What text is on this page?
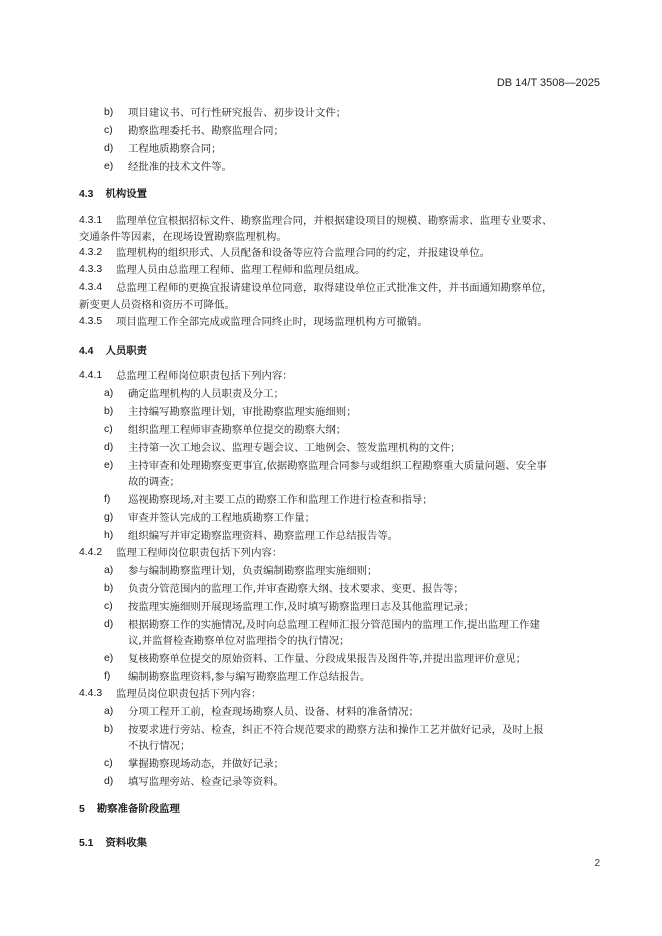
DB 14/T 3508—2025
b) 项目建议书、可行性研究报告、初步设计文件；
c) 勘察监理委托书、勘察监理合同；
d) 工程地质勘察合同；
e) 经批准的技术文件等。
4.3 机构设置
4.3.1 监理单位宜根据招标文件、勘察监理合同，并根据建设项目的规模、勘察需求、监理专业要求、
交通条件等因素，在现场设置勘察监理机构。
4.3.2 监理机构的组织形式、人员配备和设备等应符合监理合同的约定，并报建设单位。
4.3.3 监理人员由总监理工程师、监理工程师和监理员组成。
4.3.4 总监理工程师的更换宜报请建设单位同意，取得建设单位正式批准文件，并书面通知勘察单位，
新变更人员资格和资历不可降低。
4.3.5 项目监理工作全部完成或监理合同终止时，现场监理机构方可撤销。
4.4 人员职责
4.4.1 总监理工程师岗位职责包括下列内容：
a) 确定监理机构的人员职责及分工；
b) 主持编写勘察监理计划，审批勘察监理实施细则；
c) 组织监理工程师审查勘察单位提交的勘察大纲；
d) 主持第一次工地会议、监理专题会议、工地例会、签发监理机构的文件；
e) 主持审查和处理勘察变更事宜,依据勘察监理合同参与或组织工程勘察重大质量问题、安全事
故的调查；
f) 巡视勘察现场,对主要工点的勘察工作和监理工作进行检查和指导；
g) 审查并签认完成的工程地质勘察工作量；
h) 组织编写并审定勘察监理资料、勘察监理工作总结报告等。
4.4.2 监理工程师岗位职责包括下列内容：
a) 参与编制勘察监理计划，负责编制勘察监理实施细则；
b) 负责分管范围内的监理工作,并审查勘察大纲、技术要求、变更、报告等；
c) 按监理实施细则开展现场监理工作,及时填写勘察监理日志及其他监理记录；
d) 根据勘察工作的实施情况,及时向总监理工程师汇报分管范围内的监理工作,提出监理工作建
议,并监督检查勘察单位对监理指令的执行情况；
e) 复核勘察单位提交的原始资料、工作量、分段成果报告及图件等,并提出监理评价意见；
f) 编制勘察监理资料,参与编写勘察监理工作总结报告。
4.4.3 监理员岗位职责包括下列内容：
a) 分项工程开工前，检查现场勘察人员、设备、材料的准备情况；
b) 按要求进行旁站、检查，纠正不符合规范要求的勘察方法和操作工艺并做好记录，及时上报
不执行情况；
c) 掌握勘察现场动态，并做好记录；
d) 填写监理旁站、检查记录等资料。
5 勘察准备阶段监理
5.1 资料收集
2
